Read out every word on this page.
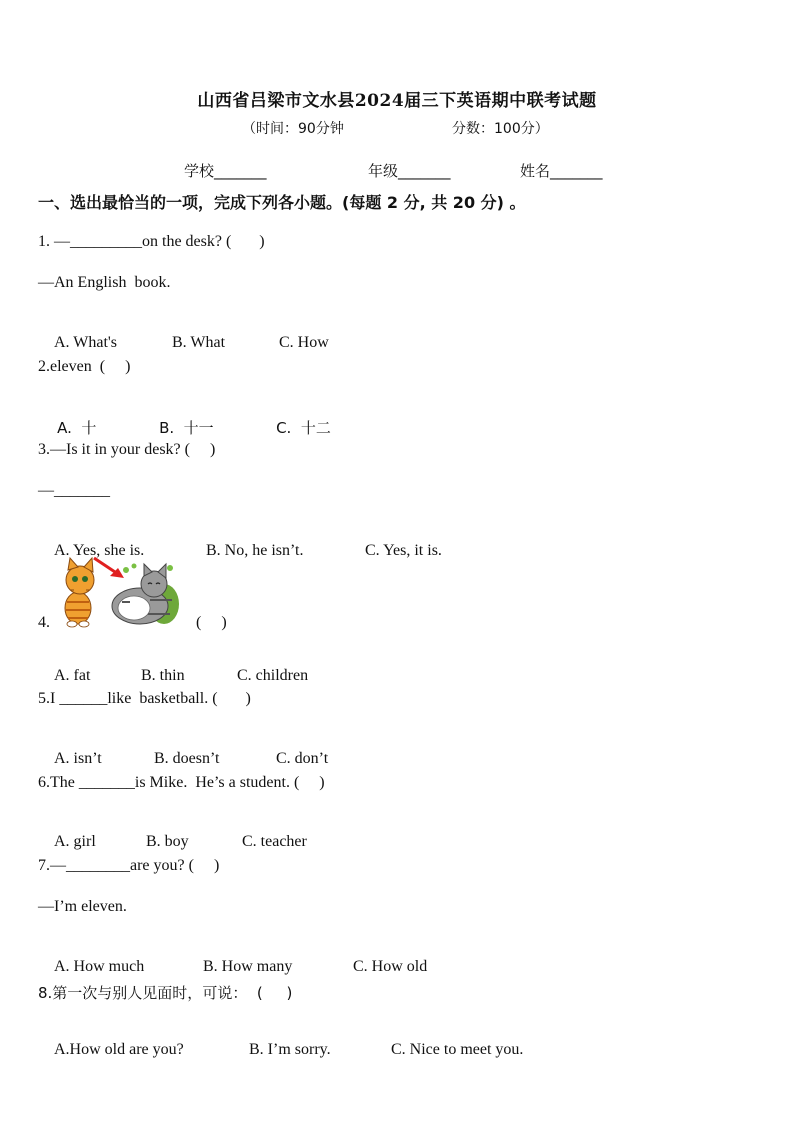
山西省吕梁市文水县2024届三下英语期中联考试题
（时间：90分钟	分数：100分）
学校_______	年级_______	姓名_______
一、选出最恰当的一项，完成下列各小题。(每题 2 分, 共 20 分) 。
1. —_________on the desk? (       )
—An English  book.

A. What's	B. What	C. How

2.eleven  (     )

A.  十	B.  十一	C.  十二

3.—Is it in your desk? (     )
—_______

A. Yes, she is.	B. No, he isn’t.	C. Yes, it is.

4.	(     )

A. fat	B. thin	C. children

5.I ______like  basketball. (       )

A. isn’t	B. doesn’t	C. don’t

6.The _______is Mike.  He’s a student. (     )

A. girl	B. boy	C. teacher

7.—________are you? (     )
—I’m eleven.

A. How much	B. How many	C. How old

8.第一次与别人见面时，可说：  (     )

A.How old are you?	B. I’m sorry.	C. Nice to meet you.
